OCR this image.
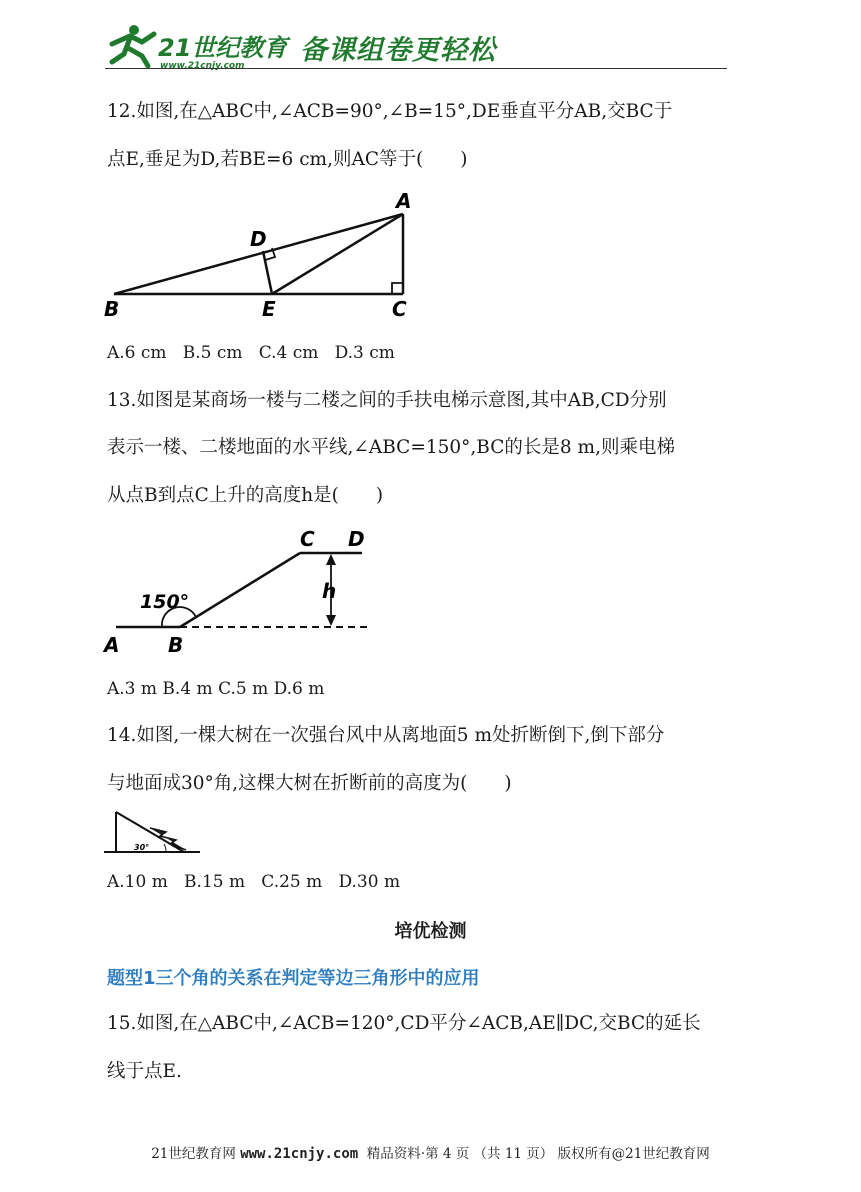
21世纪教育
www.21cnjy.com 备课组卷更轻松
12.如图,在△ABC中,∠ACB=90°,∠B=15°,DE垂直平分AB,交BC于
点E,垂足为D,若BE=6 cm,则AC等于(　　)
A
B	C
D
E
A.6 cm   B.5 cm   C.4 cm   D.3 cm
13.如图是某商场一楼与二楼之间的手扶电梯示意图,其中AB,CD分别
表示一楼、二楼地面的水平线,∠ABC=150°,BC的长是8 m,则乘电梯
从点B到点C上升的高度h是(　　)
150°	h
A B
C D
A.3 m B.4 m C.5 m D.6 m
14.如图,一棵大树在一次强台风中从离地面5 m处折断倒下,倒下部分
与地面成30°角,这棵大树在折断前的高度为(　　)
30°
A.10 m   B.15 m   C.25 m   D.30 m
培优检测
题型1三个角的关系在判定等边三角形中的应用
15.如图,在△ABC中,∠ACB=120°,CD平分∠ACB,AE∥DC,交BC的延长
线于点E.
21世纪教育网 www.21cnjy.com  精品资料·第 4 页 （共 11 页） 版权所有@21世纪教育网
